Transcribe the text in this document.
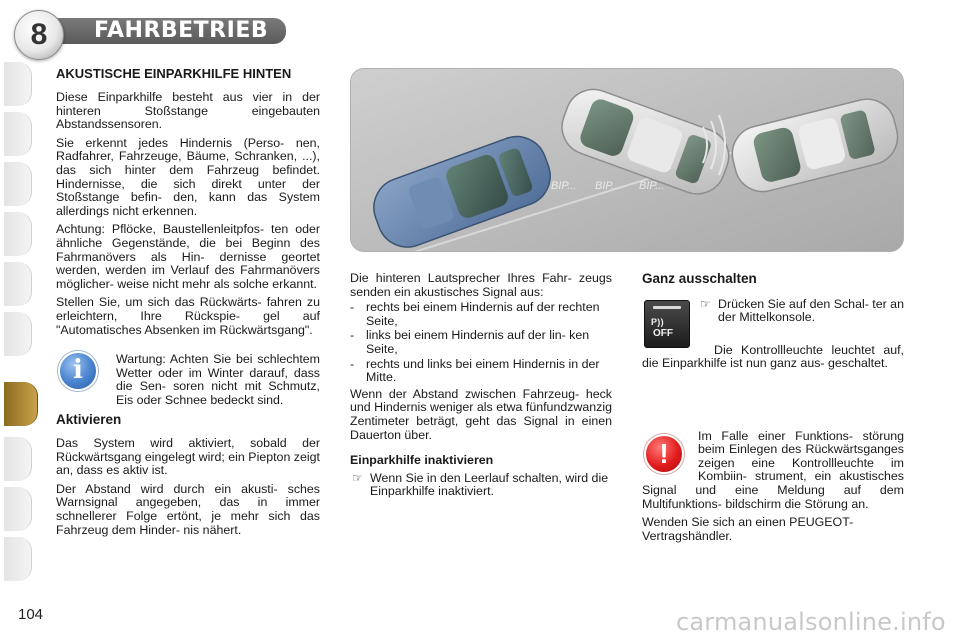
FAHRBETRIEB
8
AKUSTISCHE EINPARKHILFE HINTEN

Diese Einparkhilfe besteht aus vier in der hinteren Stoßstange eingebauten Abstandssensoren.

Sie erkennt jedes Hindernis (Perso- nen, Radfahrer, Fahrzeuge, Bäume, Schranken, ...), das sich hinter dem Fahrzeug befindet. Hindernisse, die sich direkt unter der Stoßstange befin- den, kann das System allerdings nicht erkennen.

Achtung: Pflöcke, Baustellenleitpfos- ten oder ähnliche Gegenstände, die bei Beginn des Fahrmanövers als Hin- dernisse geortet werden, werden im Verlauf des Fahrmanövers möglicher- weise nicht mehr als solche erkannt.

Stellen Sie, um sich das Rückwärts- fahren zu erleichtern, Ihre Rückspie- gel auf "Automatisches Absenken im Rückwärtsgang".

i	Wartung: Achten Sie bei schlechtem Wetter oder im Winter darauf, dass die Sen- soren nicht mit Schmutz, Eis oder Schnee bedeckt sind.

Aktivieren

Das System wird aktiviert, sobald der Rückwärtsgang eingelegt wird; ein Piepton zeigt an, dass es aktiv ist.

Der Abstand wird durch ein akusti- sches Warnsignal angegeben, das in immer schnellerer Folge ertönt, je mehr sich das Fahrzeug dem Hinder- nis nähert.

BIP... BIP... BIP...

Die hinteren Lautsprecher Ihres Fahr- zeugs senden ein akustisches Signal aus:

- rechts bei einem Hindernis auf der rechten Seite,
- links bei einem Hindernis auf der lin- ken Seite,
- rechts und links bei einem Hindernis in der Mitte.

Wenn der Abstand zwischen Fahrzeug- heck und Hindernis weniger als etwa fünfundzwanzig Zentimeter beträgt, geht das Signal in einen Dauerton über.

Einparkhilfe inaktivieren
☞ Wenn Sie in den Leerlauf schalten, wird die Einparkhilfe inaktiviert.
Ganz ausschalten
P))
OFF
☞ Drücken Sie auf den Schal- ter an der Mittelkonsole.
Die Kontrollleuchte leuchtet auf, die Einparkhilfe ist nun ganz aus- geschaltet.
!

Im Falle einer Funktions- störung beim Einlegen des Rückwärtsganges zeigen eine Kontrollleuchte im Kombiin- strument, ein akustisches Signal und eine Meldung auf dem Multifunktions- bildschirm die Störung an.

Wenden Sie sich an einen PEUGEOT- Vertragshändler.

104	carmanualsonline.info
